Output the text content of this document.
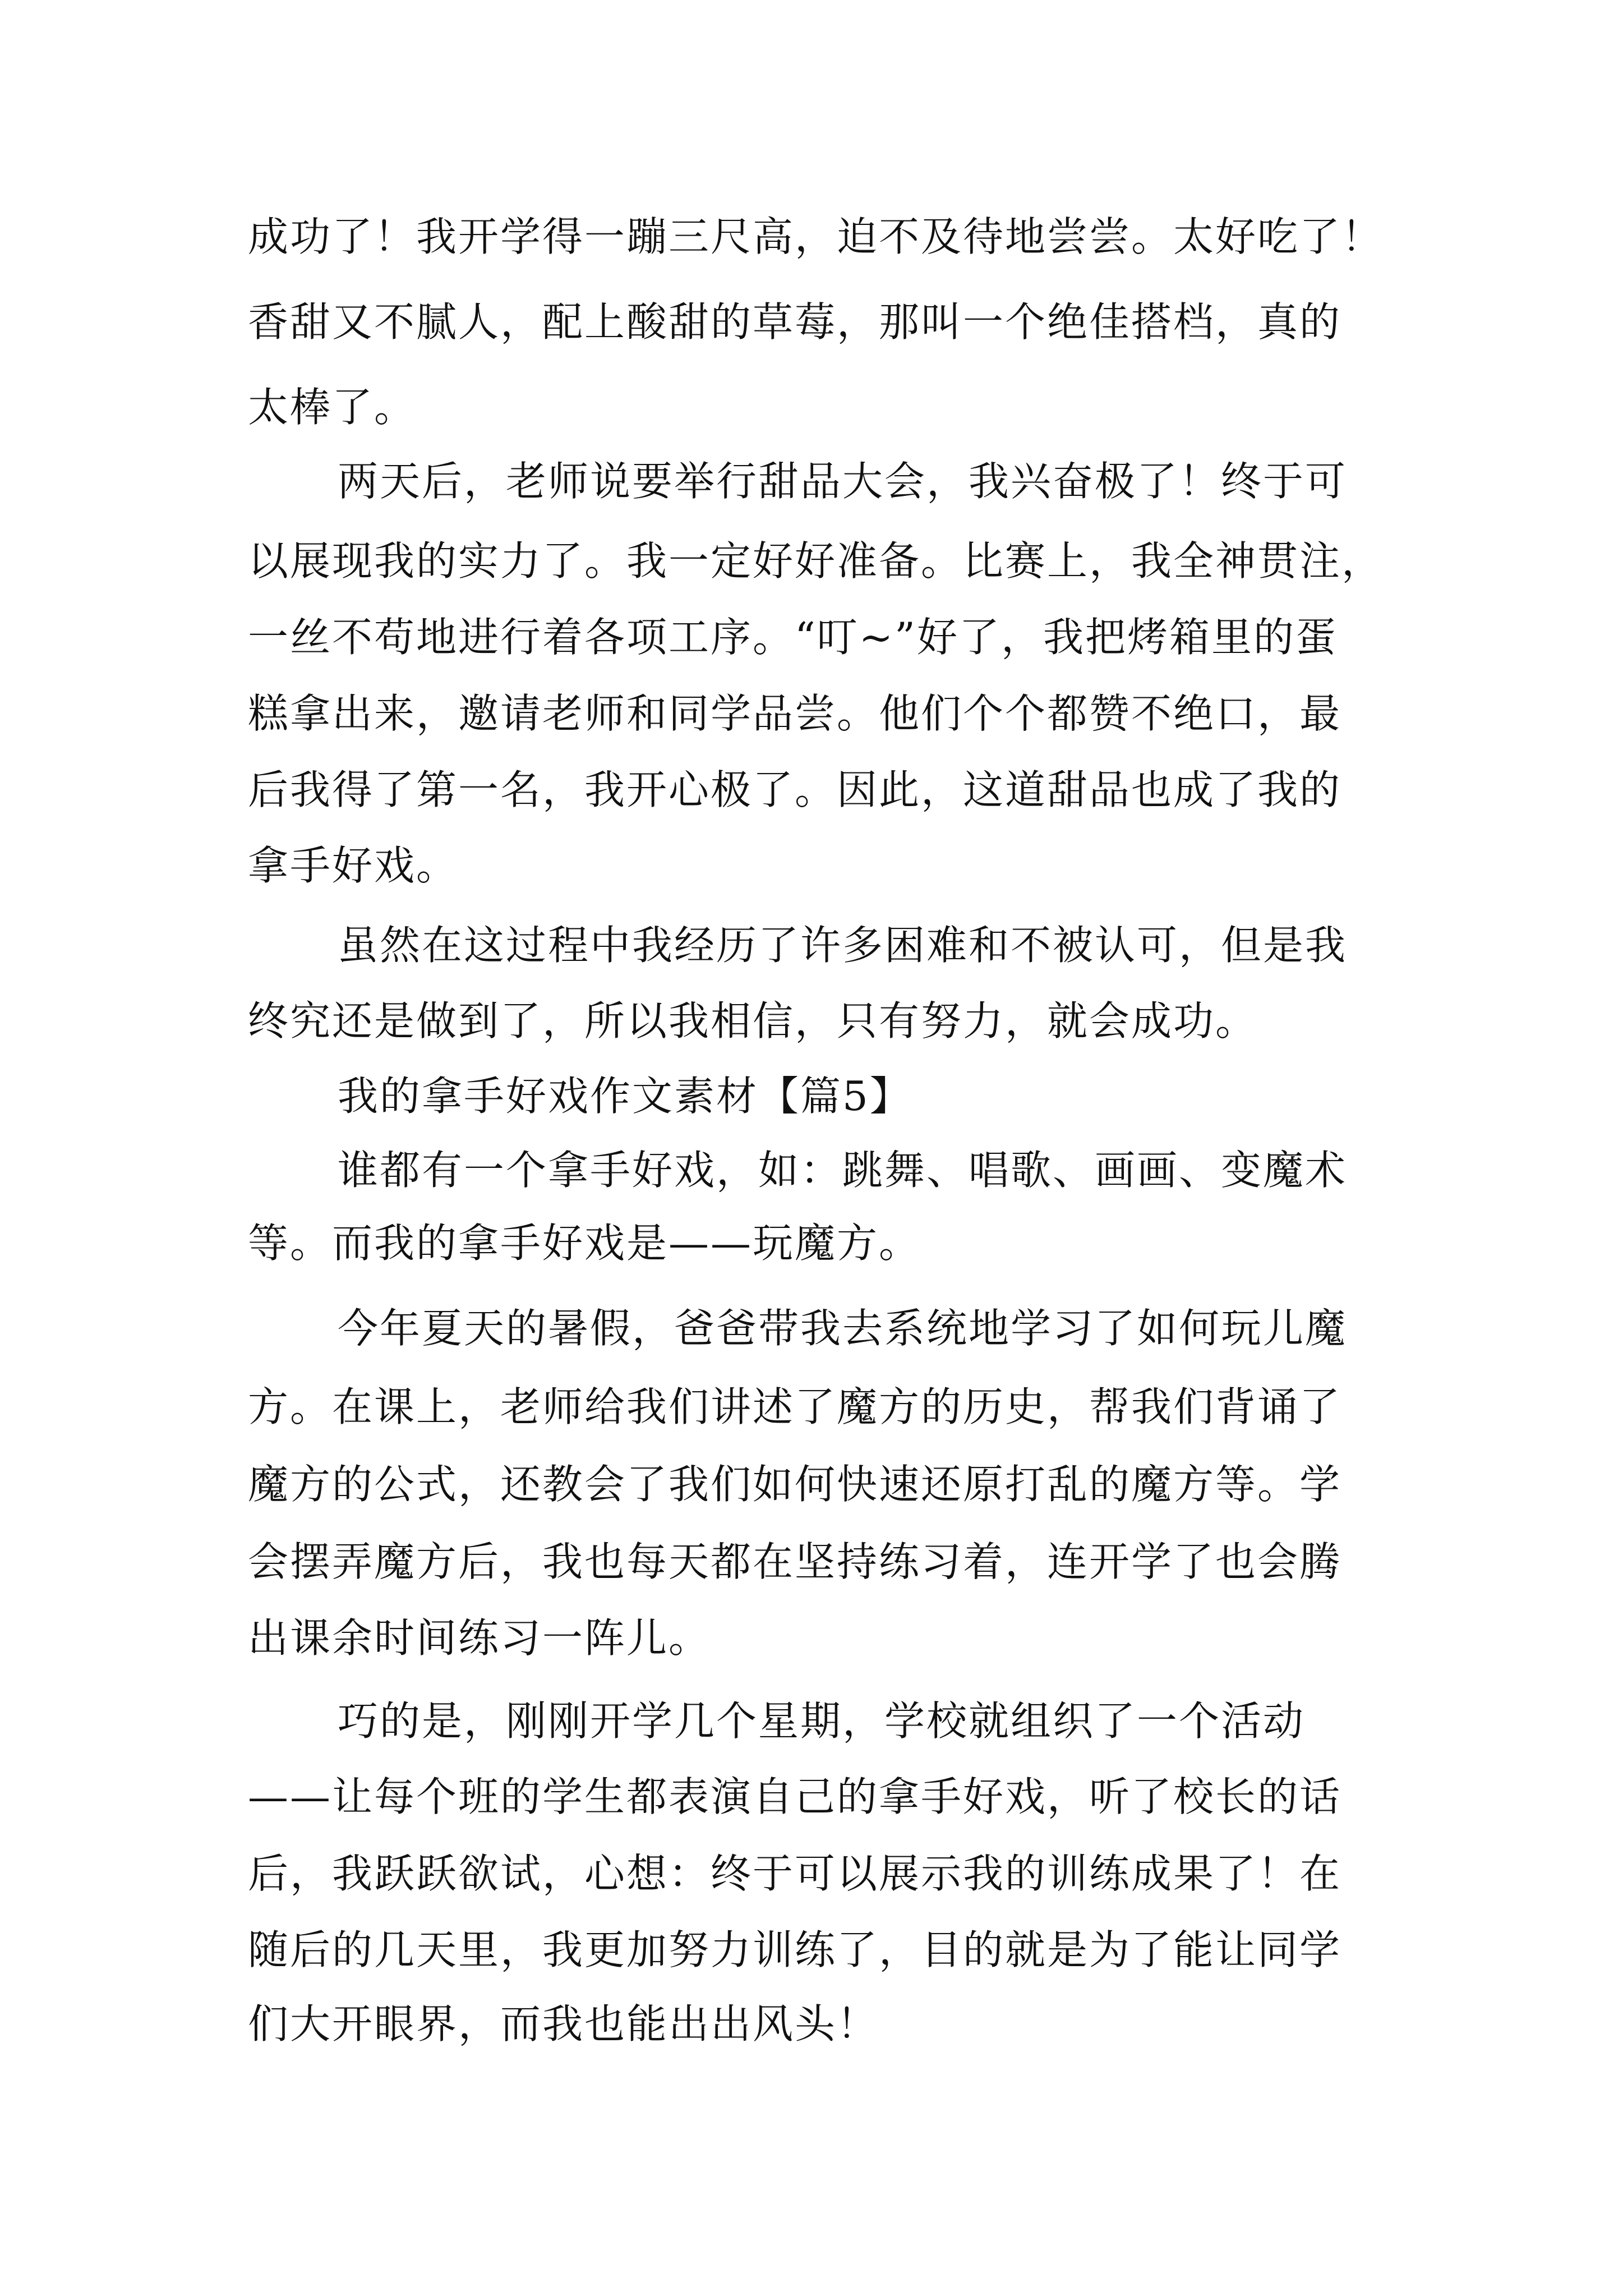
成功了！我开学得一蹦三尺高，迫不及待地尝尝。太好吃了！
香甜又不腻人，配上酸甜的草莓，那叫一个绝佳搭档，真的
太棒了。
两天后，老师说要举行甜品大会，我兴奋极了！终于可
以展现我的实力了。我一定好好准备。比赛上，我全神贯注，
一丝不苟地进行着各项工序。“叮~”好了，我把烤箱里的蛋
糕拿出来，邀请老师和同学品尝。他们个个都赞不绝口，最
后我得了第一名，我开心极了。因此，这道甜品也成了我的
拿手好戏。
虽然在这过程中我经历了许多困难和不被认可，但是我
终究还是做到了，所以我相信，只有努力，就会成功。
我的拿手好戏作文素材【篇5】
谁都有一个拿手好戏，如：跳舞、唱歌、画画、变魔术
等。而我的拿手好戏是——玩魔方。
今年夏天的暑假，爸爸带我去系统地学习了如何玩儿魔
方。在课上，老师给我们讲述了魔方的历史，帮我们背诵了
魔方的公式，还教会了我们如何快速还原打乱的魔方等。学
会摆弄魔方后，我也每天都在坚持练习着，连开学了也会腾
出课余时间练习一阵儿。
巧的是，刚刚开学几个星期，学校就组织了一个活动
——让每个班的学生都表演自己的拿手好戏，听了校长的话
后，我跃跃欲试，心想：终于可以展示我的训练成果了！在
随后的几天里，我更加努力训练了，目的就是为了能让同学
们大开眼界，而我也能出出风头！
